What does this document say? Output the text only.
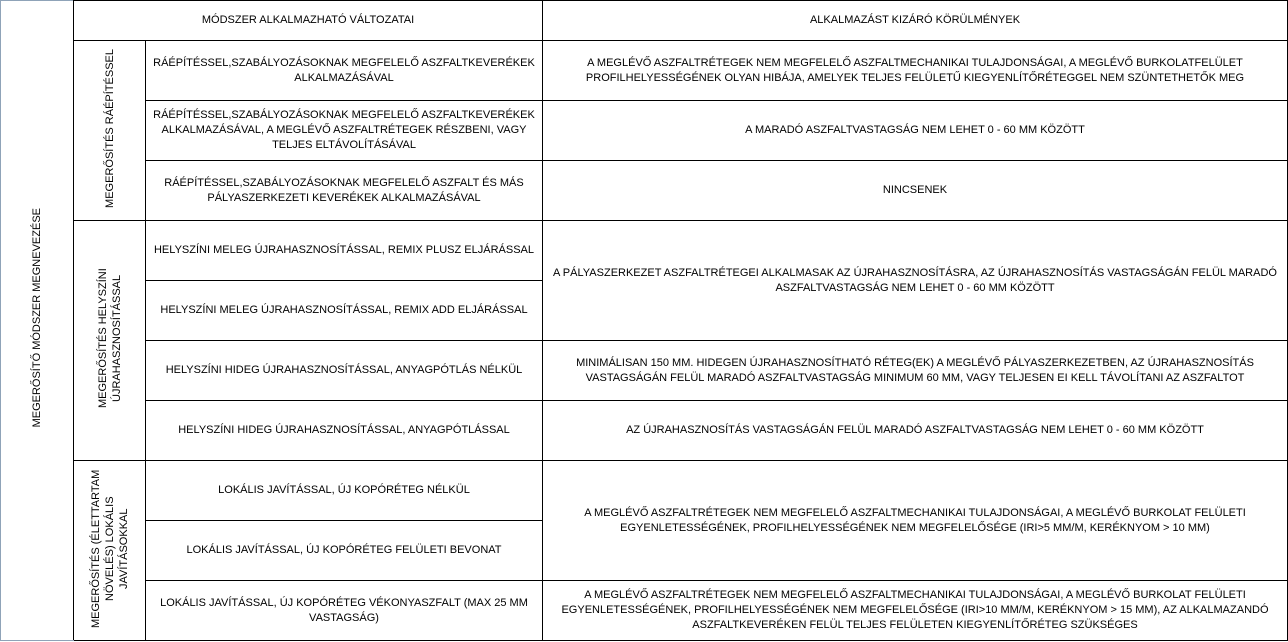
MEGERŐSÍTŐ MÓDSZER MEGNEVEZÉSE	MÓDSZER ALKALMAZHATÓ VÁLTOZATAI		ALKALMAZÁST KIZÁRÓ KÖRÜLMÉNYEK
	MEGERŐSÍTÉS RÁÉPÍTÉSSEL	RÁÉPÍTÉSSEL,SZABÁLYOZÁSOKNAK MEGFELELŐ ASZFALTKEVERÉKEK ALKALMAZÁSÁVAL	A MEGLÉVŐ ASZFALTRÉTEGEK NEM MEGFELELŐ ASZFALTMECHANIKAI TULAJDONSÁGAI, A MEGLÉVŐ BURKOLATFELÜLET PROFILHELYESSÉGÉNEK OLYAN HIBÁJA, AMELYEK TELJES FELÜLETŰ KIEGYENLÍTŐRÉTEGGEL NEM SZÜNTETHETŐK MEG
		RÁÉPÍTÉSSEL,SZABÁLYOZÁSOKNAK MEGFELELŐ ASZFALTKEVERÉKEK ALKALMAZÁSÁVAL, A MEGLÉVŐ ASZFALTRÉTEGEK RÉSZBENI, VAGY TELJES ELTÁVOLÍTÁSÁVAL	A MARADÓ ASZFALTVASTAGSÁG NEM LEHET 0 - 60 MM KÖZÖTT
		RÁÉPÍTÉSSEL,SZABÁLYOZÁSOKNAK MEGFELELŐ ASZFALT ÉS MÁS PÁLYASZERKEZETI KEVERÉKEK ALKALMAZÁSÁVAL	NINCSENEK
	MEGERŐSÍTÉS HELYSZÍNI ÚJRAHASZNOSÍTÁSSAL	HELYSZÍNI MELEG ÚJRAHASZNOSÍTÁSSAL, REMIX PLUSZ ELJÁRÁSSAL	A PÁLYASZERKEZET ASZFALTRÉTEGEI ALKALMASAK AZ ÚJRAHASZNOSÍTÁSRA, AZ ÚJRAHASZNOSÍTÁS VASTAGSÁGÁN FELÜL MARADÓ ASZFALTVASTAGSÁG NEM LEHET 0 - 60 MM KÖZÖTT
		HELYSZÍNI MELEG ÚJRAHASZNOSÍTÁSSAL, REMIX ADD ELJÁRÁSSAL	
		HELYSZÍNI HIDEG ÚJRAHASZNOSÍTÁSSAL, ANYAGPÓTLÁS NÉLKÜL	MINIMÁLISAN 150 MM. HIDEGEN ÚJRAHASZNOSÍTHATÓ RÉTEG(EK) A MEGLÉVŐ PÁLYASZERKEZETBEN, AZ ÚJRAHASZNOSÍTÁS VASTAGSÁGÁN FELÜL MARADÓ ASZFALTVASTAGSÁG MINIMUM 60 MM, VAGY TELJESEN EI KELL TÁVOLÍTANI AZ ASZFALTOT
		HELYSZÍNI HIDEG ÚJRAHASZNOSÍTÁSSAL, ANYAGPÓTLÁSSAL	AZ ÚJRAHASZNOSÍTÁS VASTAGSÁGÁN FELÜL MARADÓ ASZFALTVASTAGSÁG NEM LEHET 0 - 60 MM KÖZÖTT
	MEGERŐSÍTÉS (ÉLETTARTAM NÖVELÉS) LOKÁLIS JAVÍTÁSOKKAL	LOKÁLIS JAVÍTÁSSAL, ÚJ KOPÓRÉTEG NÉLKÜL	A MEGLÉVŐ ASZFALTRÉTEGEK NEM MEGFELELŐ ASZFALTMECHANIKAI TULAJDONSÁGAI, A MEGLÉVŐ BURKOLAT FELÜLETI EGYENLETESSÉGÉNEK, PROFILHELYESSÉGÉNEK NEM MEGFELELŐSÉGE (IRI>5 MM/M, KERÉKNYOM > 10 MM)
		LOKÁLIS JAVÍTÁSSAL, ÚJ KOPÓRÉTEG FELÜLETI BEVONAT	
		LOKÁLIS JAVÍTÁSSAL, ÚJ KOPÓRÉTEG VÉKONYASZFALT (MAX 25 MM VASTAGSÁG)	A MEGLÉVŐ ASZFALTRÉTEGEK NEM MEGFELELŐ ASZFALTMECHANIKAI TULAJDONSÁGAI, A MEGLÉVŐ BURKOLAT FELÜLETI EGYENLETESSÉGÉNEK, PROFILHELYESSÉGÉNEK NEM MEGFELELŐSÉGE (IRI>10 MM/M, KERÉKNYOM > 15 MM), AZ ALKALMAZANDÓ ASZFALTKEVERÉKEN FELÜL TELJES FELÜLETEN KIEGYENLÍTŐRÉTEG SZÜKSÉGES
